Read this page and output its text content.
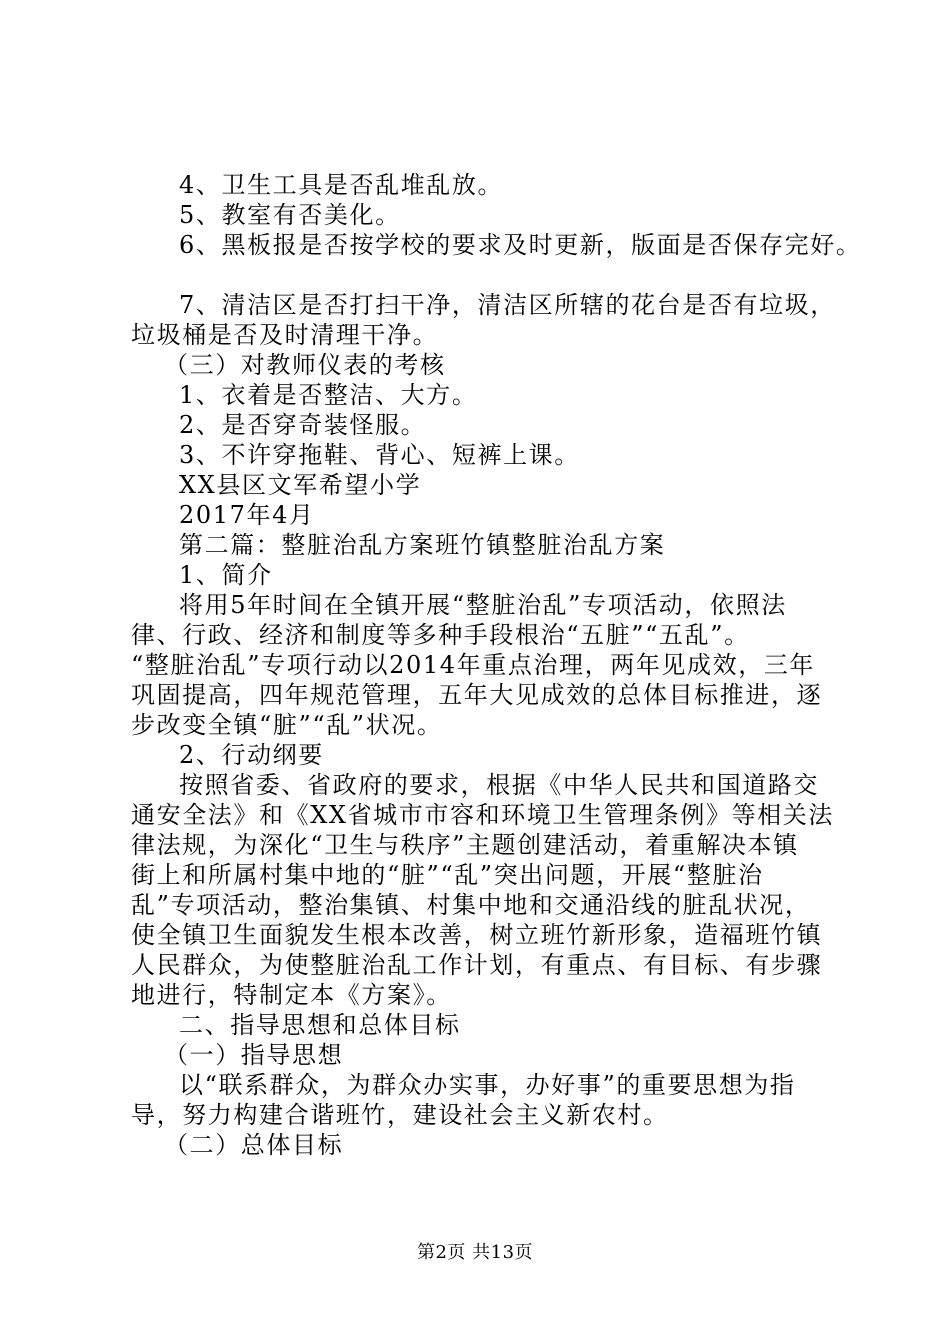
4、卫生工具是否乱堆乱放。

5、教室有否美化。

6、黑板报是否按学校的要求及时更新，版面是否保存完好。

7、清洁区是否打扫干净，清洁区所辖的花台是否有垃圾，

垃圾桶是否及时清理干净。

（三）对教师仪表的考核

1、衣着是否整洁、大方。

2、是否穿奇装怪服。

3、不许穿拖鞋、背心、短裤上课。

XX县区文军希望小学

2017年4月

第二篇：整脏治乱方案班竹镇整脏治乱方案

1、简介

将用5年时间在全镇开展“整脏治乱”专项活动，依照法

律、行政、经济和制度等多种手段根治“五脏”“五乱”。

“整脏治乱”专项行动以2014年重点治理，两年见成效，三年

巩固提高，四年规范管理，五年大见成效的总体目标推进，逐

步改变全镇“脏”“乱”状况。

2、行动纲要

按照省委、省政府的要求，根据《中华人民共和国道路交

通安全法》和《XX省城市市容和环境卫生管理条例》等相关法

律法规，为深化“卫生与秩序”主题创建活动，着重解决本镇

街上和所属村集中地的“脏”“乱”突出问题，开展“整脏治

乱”专项活动，整治集镇、村集中地和交通沿线的脏乱状况，

使全镇卫生面貌发生根本改善，树立班竹新形象，造福班竹镇

人民群众，为使整脏治乱工作计划，有重点、有目标、有步骤

地进行，特制定本《方案》。

二、指导思想和总体目标

（一）指导思想

以“联系群众，为群众办实事，办好事”的重要思想为指

导，努力构建合谐班竹，建设社会主义新农村。

（二）总体目标

第2页 共13页
